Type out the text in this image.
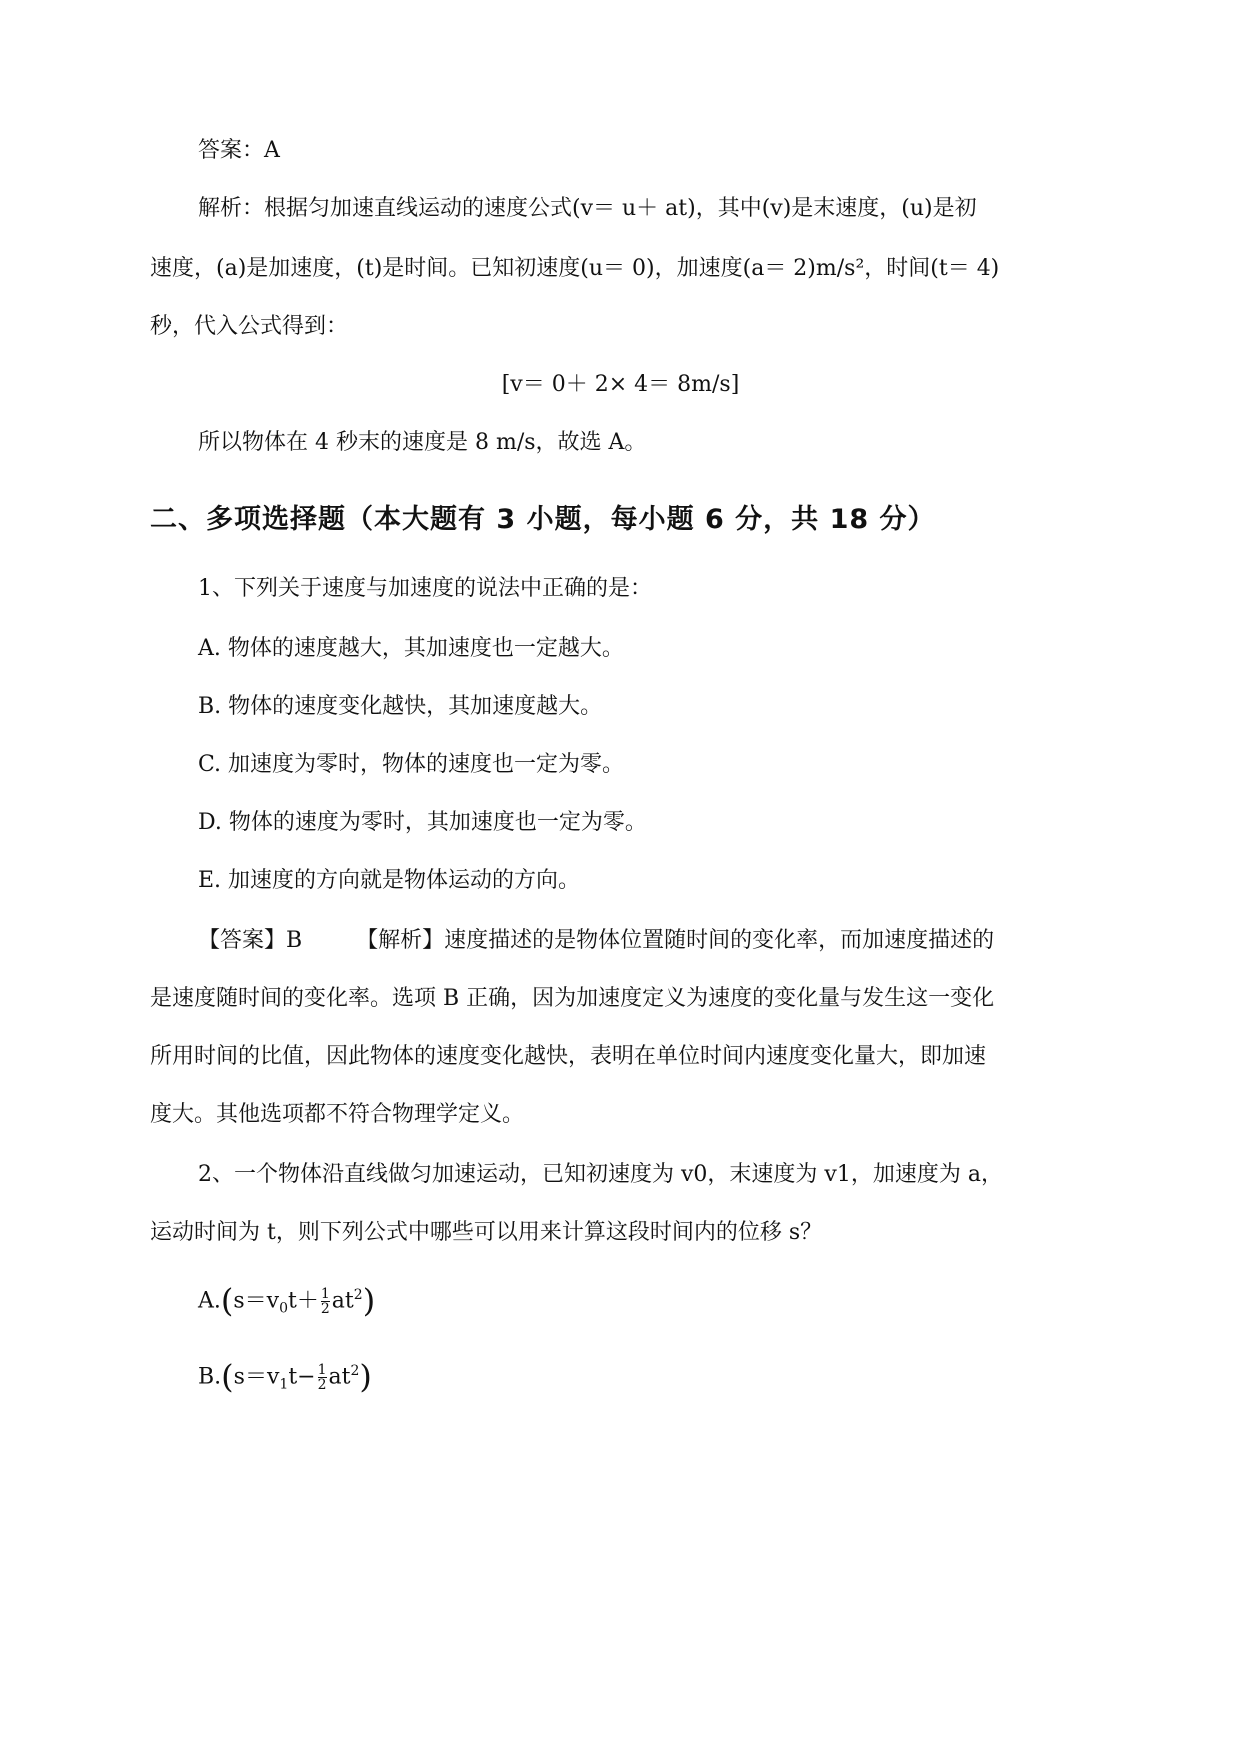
答案：A
解析：根据匀加速直线运动的速度公式(v＝ u＋ at)，其中(v)是末速度，(u)是初
速度，(a)是加速度，(t)是时间。已知初速度(u＝ 0)，加速度(a＝ 2)m/s²，时间(t＝ 4)
秒，代入公式得到：
[v＝ 0＋ 2× 4＝ 8m/s]
所以物体在 4 秒末的速度是 8 m/s，故选 A。
二、多项选择题（本大题有 3 小题，每小题 6 分，共 18 分）
1、下列关于速度与加速度的说法中正确的是：
A. 物体的速度越大，其加速度也一定越大。
B. 物体的速度变化越快，其加速度越大。
C. 加速度为零时，物体的速度也一定为零。
D. 物体的速度为零时，其加速度也一定为零。
E. 加速度的方向就是物体运动的方向。
【答案】B 【解析】速度描述的是物体位置随时间的变化率，而加速度描述的
是速度随时间的变化率。选项 B 正确，因为加速度定义为速度的变化量与发生这一变化
所用时间的比值，因此物体的速度变化越快，表明在单位时间内速度变化量大，即加速
度大。其他选项都不符合物理学定义。
2、一个物体沿直线做匀加速运动，已知初速度为 v0，末速度为 v1，加速度为 a，
运动时间为 t，则下列公式中哪些可以用来计算这段时间内的位移 s？
$A.(s=v_0t+ \frac{1}{2} at^2)$
$B.(s=v_1t- \frac{1}{2} at^2)$
